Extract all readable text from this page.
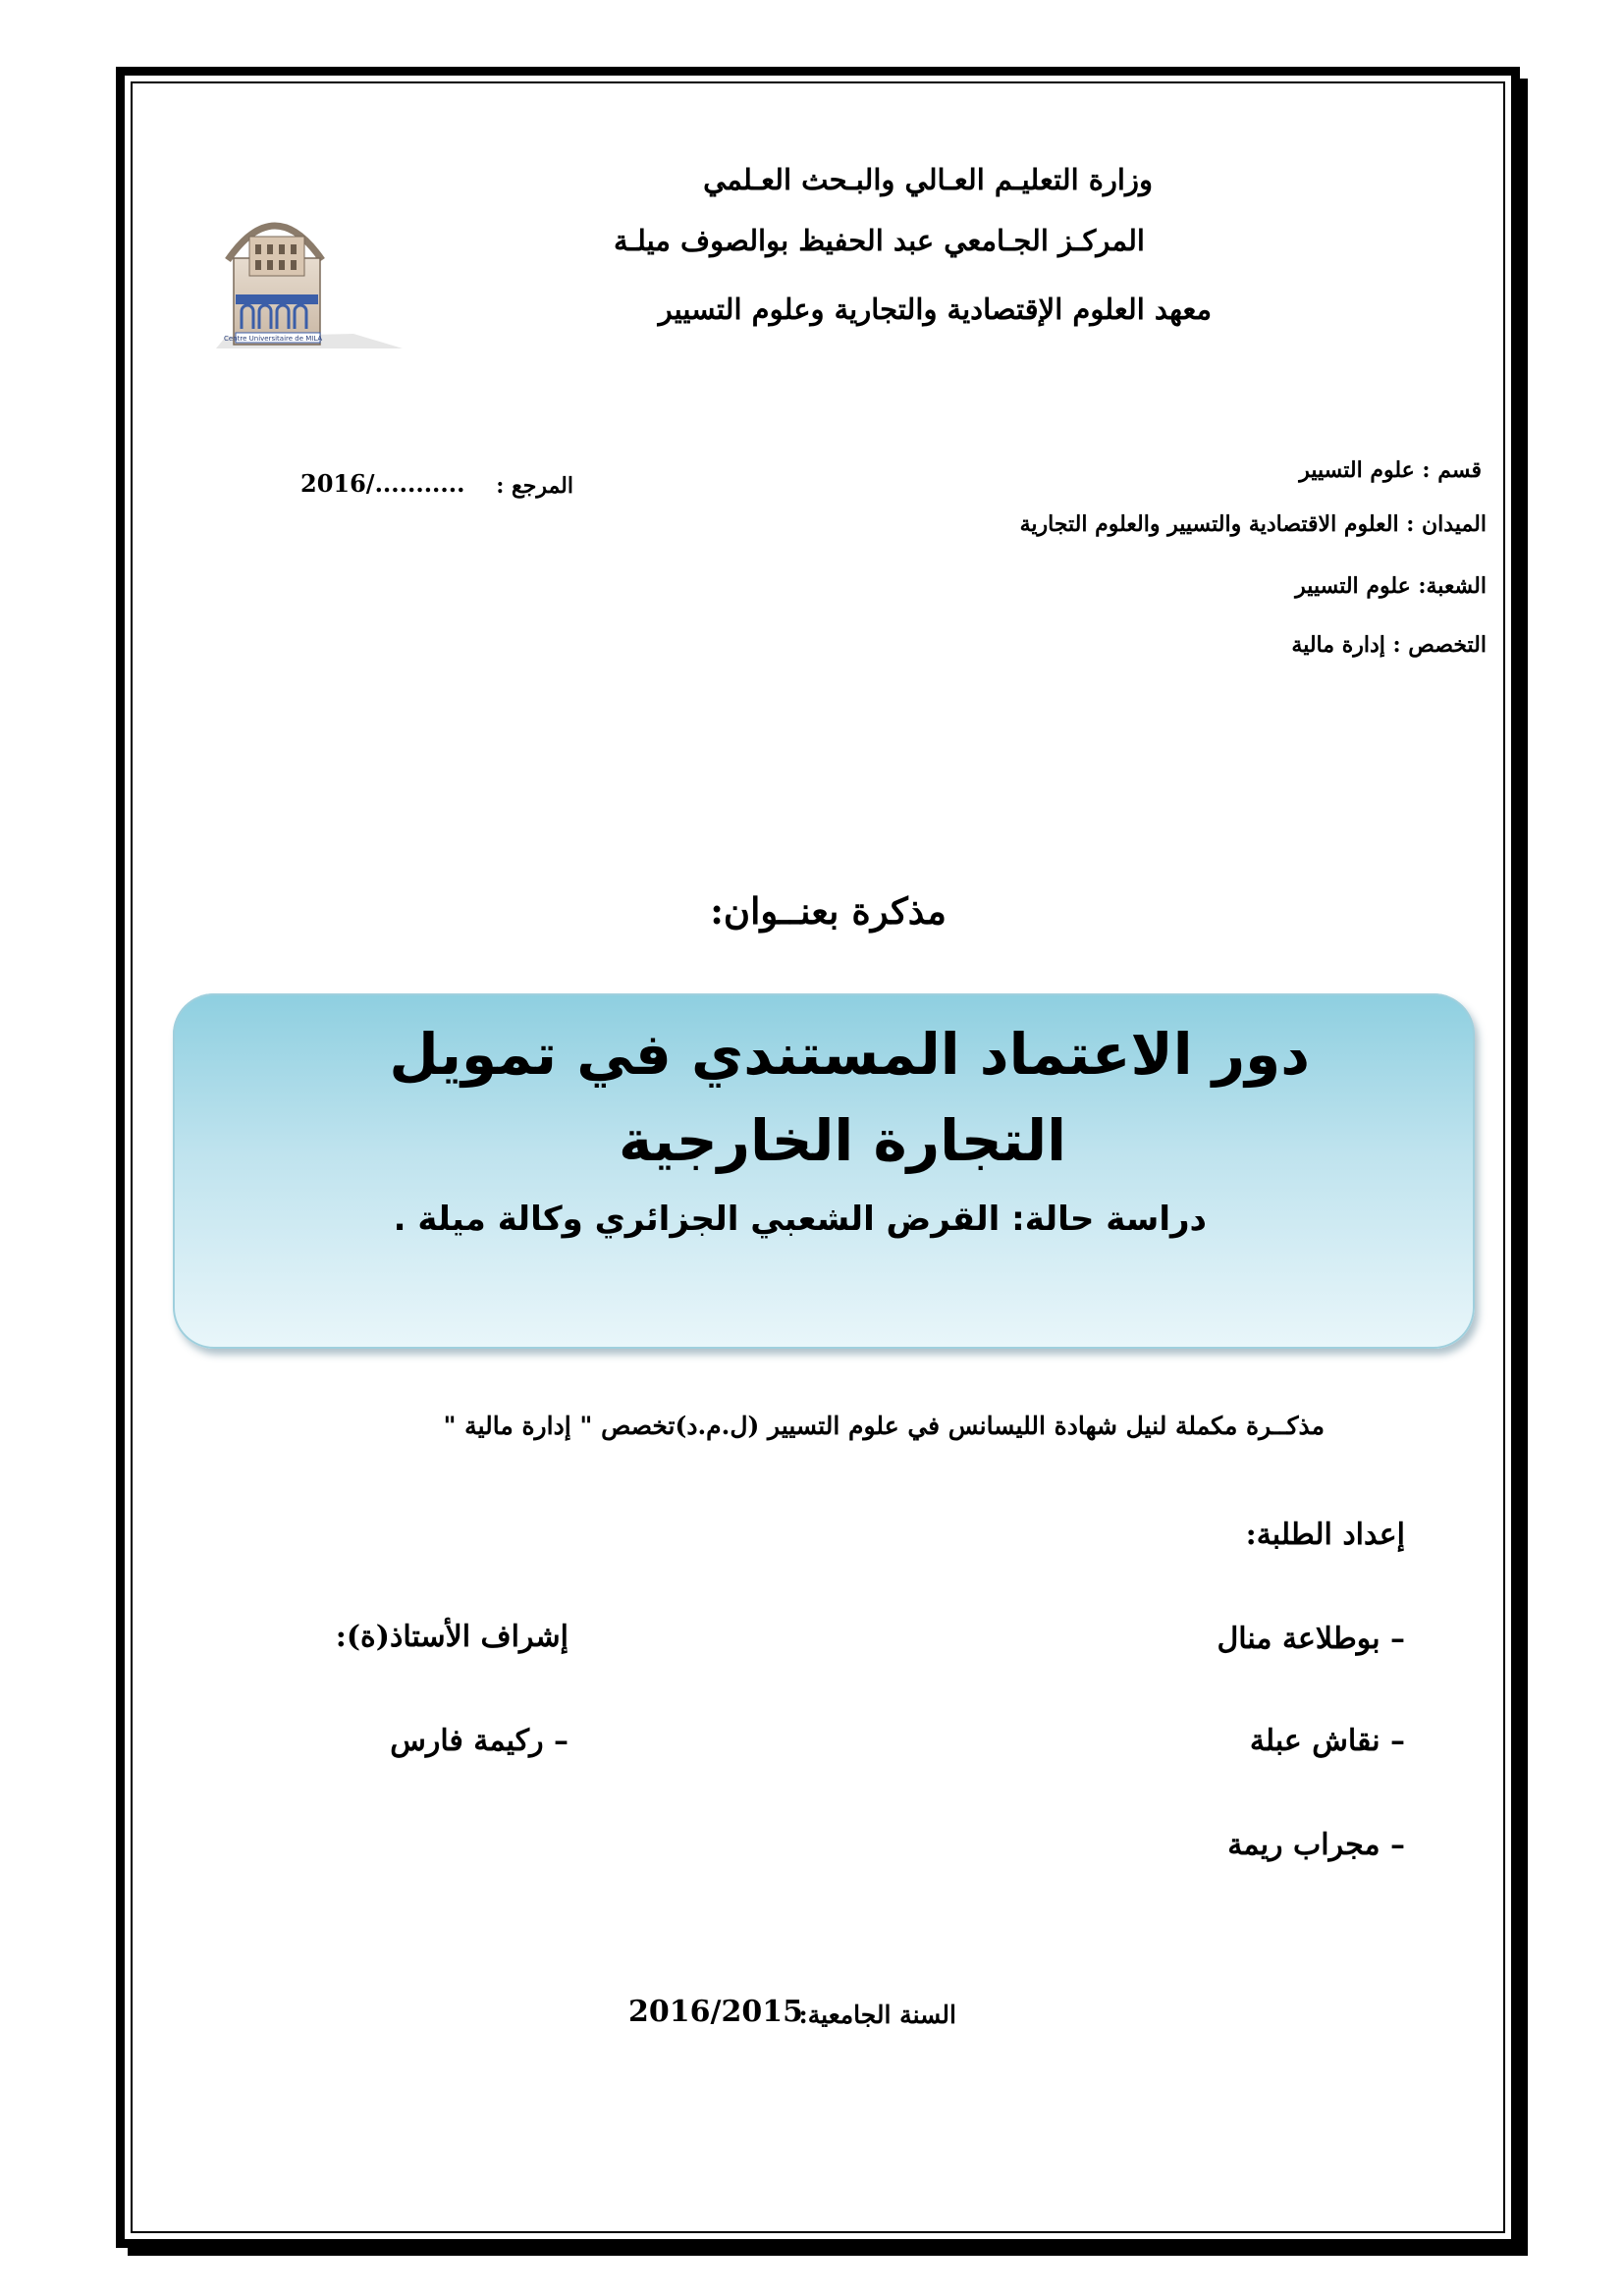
وزارة التعليـم العـالي والبـحث العـلمي
المركـز الجـامعي عبد الحفيظ بوالصوف ميلـة
معهد العلوم الإقتصادية والتجارية وعلوم التسيير
Centre Universitaire de MILA
قسم : علوم التسيير
الميدان : العلوم الاقتصادية والتسيير والعلوم التجارية
الشعبة: علوم التسيير
التخصص : إدارة مالية
المرجع :
2016/...........
مذكرة بعنــوان:
دور الاعتماد المستندي في تمويل
التجارة الخارجية
دراسة حالة: القرض الشعبي الجزائري وكالة ميلة .
مذكــرة مكملة لنيل شهادة الليسانس في علوم التسيير (ل.م.د)تخصص " إدارة مالية "
إعداد الطلبة:
– بوطلاعة منال
– نقاش عبلة
– مجراب ريمة
إشراف الأستاذ(ة):
– ركيمة فارس
السنة الجامعية:
2016/2015
